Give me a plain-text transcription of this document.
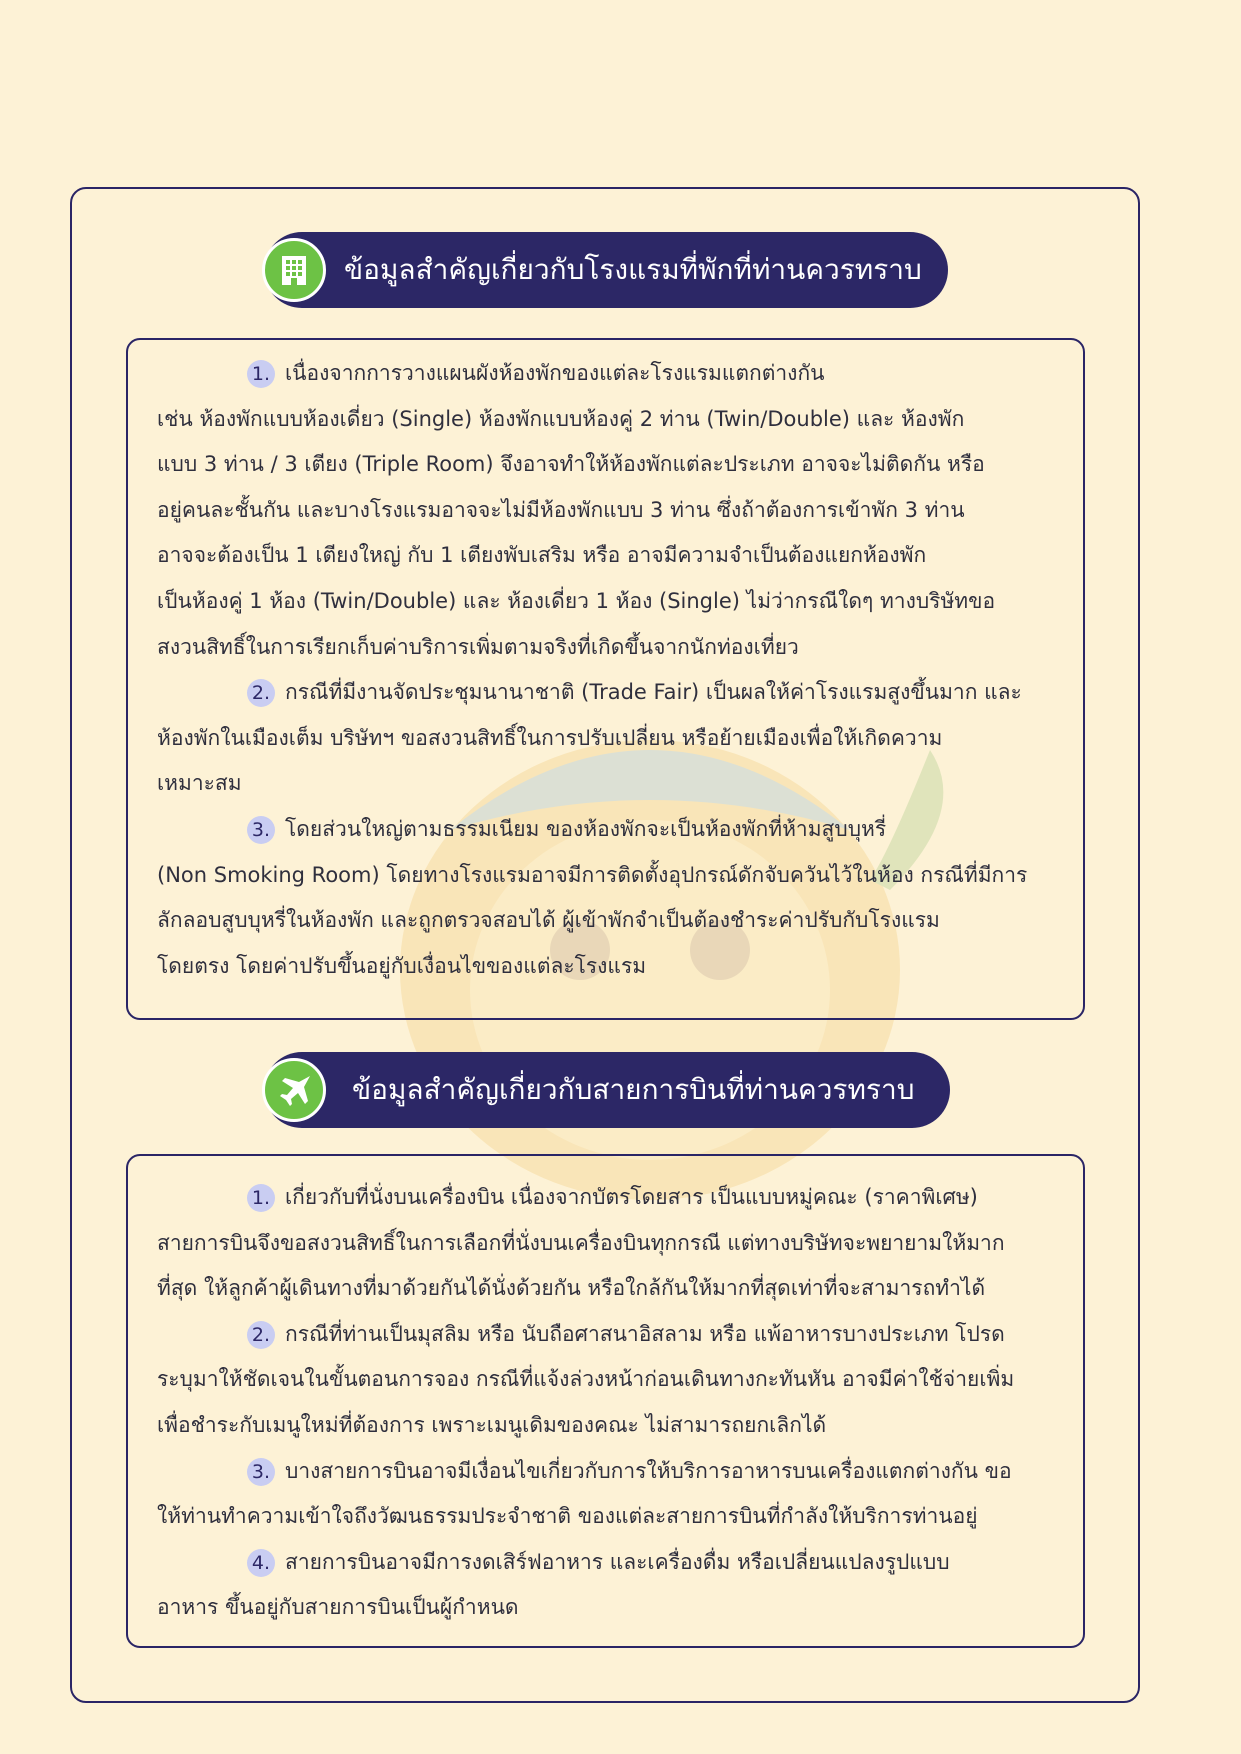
ข้อมูลสำคัญเกี่ยวกับโรงแรมที่พักที่ท่านควรทราบ
1. เนื่องจากการวางแผนผังห้องพักของแต่ละโรงแรมแตกต่างกัน
เช่น ห้องพักแบบห้องเดี่ยว (Single) ห้องพักแบบห้องคู่ 2 ท่าน (Twin/Double) และ ห้องพัก
แบบ 3 ท่าน / 3 เตียง (Triple Room) จึงอาจทำให้ห้องพักแต่ละประเภท อาจจะไม่ติดกัน หรือ
อยู่คนละชั้นกัน และบางโรงแรมอาจจะไม่มีห้องพักแบบ 3 ท่าน ซึ่งถ้าต้องการเข้าพัก 3 ท่าน
อาจจะต้องเป็น 1 เตียงใหญ่ กับ 1 เตียงพับเสริม หรือ อาจมีความจำเป็นต้องแยกห้องพัก
เป็นห้องคู่ 1 ห้อง (Twin/Double) และ ห้องเดี่ยว 1 ห้อง (Single) ไม่ว่ากรณีใดๆ ทางบริษัทขอ
สงวนสิทธิ์ในการเรียกเก็บค่าบริการเพิ่มตามจริงที่เกิดขึ้นจากนักท่องเที่ยว
2. กรณีที่มีงานจัดประชุมนานาชาติ (Trade Fair) เป็นผลให้ค่าโรงแรมสูงขึ้นมาก และ
ห้องพักในเมืองเต็ม บริษัทฯ ขอสงวนสิทธิ์ในการปรับเปลี่ยน หรือย้ายเมืองเพื่อให้เกิดความ
เหมาะสม
3. โดยส่วนใหญ่ตามธรรมเนียม ของห้องพักจะเป็นห้องพักที่ห้ามสูบบุหรี่
(Non Smoking Room) โดยทางโรงแรมอาจมีการติดตั้งอุปกรณ์ดักจับควันไว้ในห้อง กรณีที่มีการ
ลักลอบสูบบุหรี่ในห้องพัก และถูกตรวจสอบได้ ผู้เข้าพักจำเป็นต้องชำระค่าปรับกับโรงแรม
โดยตรง โดยค่าปรับขึ้นอยู่กับเงื่อนไขของแต่ละโรงแรม
ข้อมูลสำคัญเกี่ยวกับสายการบินที่ท่านควรทราบ
1. เกี่ยวกับที่นั่งบนเครื่องบิน เนื่องจากบัตรโดยสาร เป็นแบบหมู่คณะ (ราคาพิเศษ)
สายการบินจึงขอสงวนสิทธิ์ในการเลือกที่นั่งบนเครื่องบินทุกกรณี แต่ทางบริษัทจะพยายามให้มาก
ที่สุด ให้ลูกค้าผู้เดินทางที่มาด้วยกันได้นั่งด้วยกัน หรือใกล้กันให้มากที่สุดเท่าที่จะสามารถทำได้
2. กรณีที่ท่านเป็นมุสลิม หรือ นับถือศาสนาอิสลาม หรือ แพ้อาหารบางประเภท โปรด
ระบุมาให้ชัดเจนในขั้นตอนการจอง กรณีที่แจ้งล่วงหน้าก่อนเดินทางกะทันหัน อาจมีค่าใช้จ่ายเพิ่ม
เพื่อชำระกับเมนูใหม่ที่ต้องการ เพราะเมนูเดิมของคณะ ไม่สามารถยกเลิกได้
3. บางสายการบินอาจมีเงื่อนไขเกี่ยวกับการให้บริการอาหารบนเครื่องแตกต่างกัน ขอ
ให้ท่านทำความเข้าใจถึงวัฒนธรรมประจำชาติ ของแต่ละสายการบินที่กำลังให้บริการท่านอยู่
4. สายการบินอาจมีการงดเสิร์ฟอาหาร และเครื่องดื่ม หรือเปลี่ยนแปลงรูปแบบ
อาหาร ขึ้นอยู่กับสายการบินเป็นผู้กำหนด
